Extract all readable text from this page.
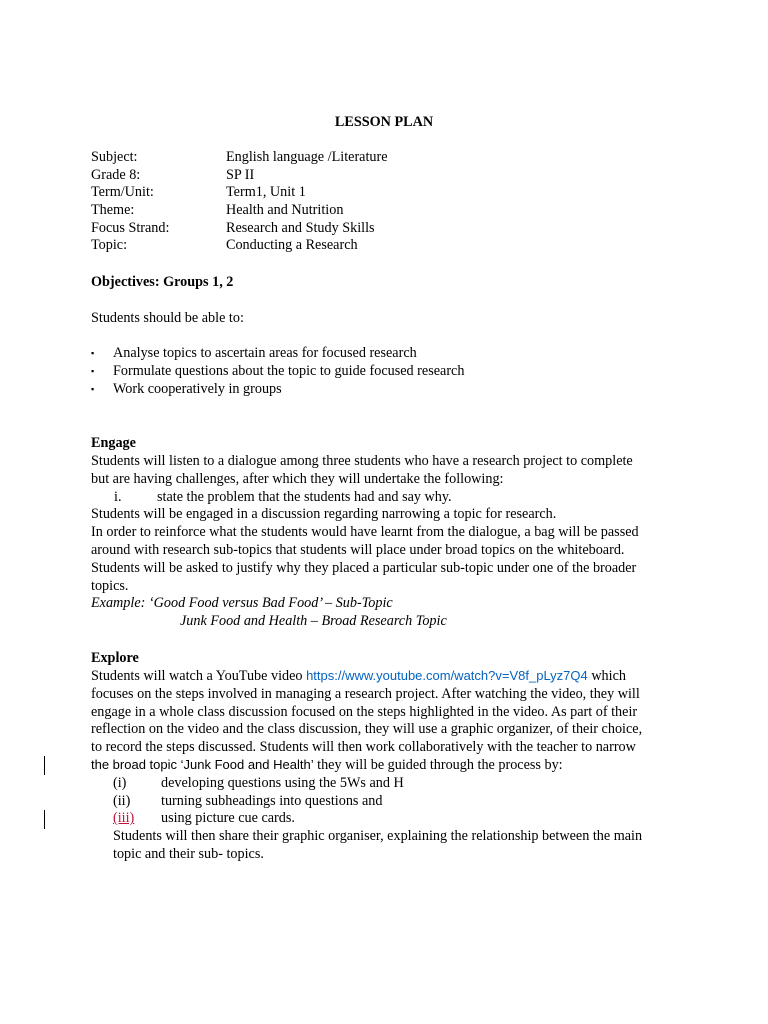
LESSON PLAN
Subject:	English language /Literature
Grade 8:	SP II
Term/Unit:	Term1, Unit 1
Theme:	Health and Nutrition
Focus Strand:	Research and Study Skills
Topic:	Conducting a Research
Objectives: Groups 1, 2
Students should be able to:
▪	Analyse topics to ascertain areas for focused research
▪	Formulate questions about the topic to guide focused research
▪	Work cooperatively in groups
Engage
Students will listen to a dialogue among three students who have a research project to complete
but are having challenges, after which they will undertake the following:
i.	state the problem that the students had and say why.
Students will be engaged in a discussion regarding narrowing a topic for research.
In order to reinforce what the students would have learnt from the dialogue, a bag will be passed
around with research sub-topics that students will place under broad topics on the whiteboard.
Students will be asked to justify why they placed a particular sub-topic under one of the broader
topics.
Example: ‘Good Food versus Bad Food’ – Sub-Topic
Junk Food and Health – Broad Research Topic
Explore
Students will watch a YouTube video https://www.youtube.com/watch?v=V8f_pLyz7Q4 which
focuses on the steps involved in managing a research project. After watching the video, they will
engage in a whole class discussion focused on the steps highlighted in the video. As part of their
reflection on the video and the class discussion, they will use a graphic organizer, of their choice,
to record the steps discussed. Students will then work collaboratively with the teacher to narrow
the broad topic ‘Junk Food and Health’ they will be guided through the process by:
(i) developing questions using the 5Ws and H
(ii) turning subheadings into questions and
(iii) using picture cue cards.
Students will then share their graphic organiser, explaining the relationship between the main
topic and their sub- topics.
